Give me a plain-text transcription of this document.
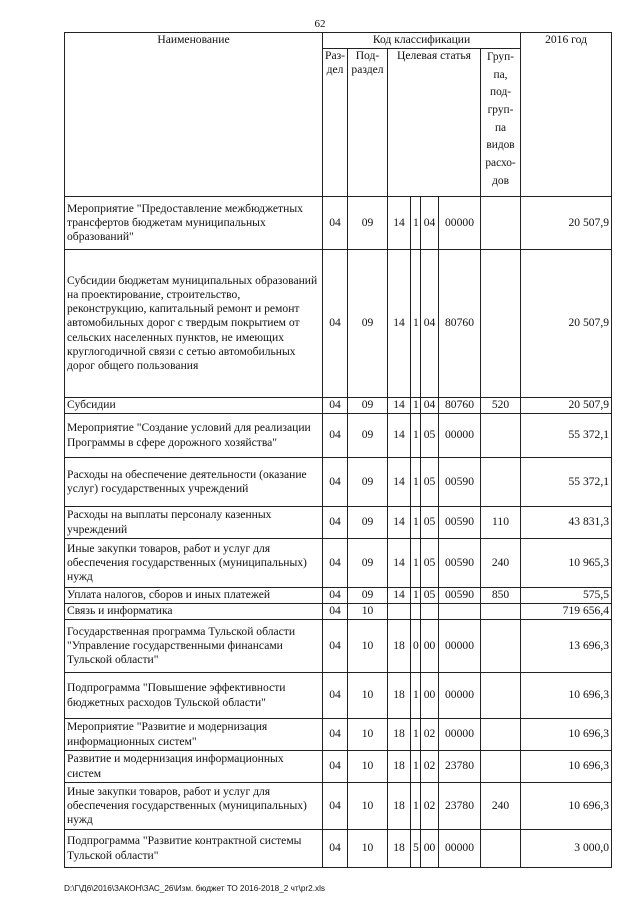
62
Наименование	Код классификации							2016 год
	Раз-дел	Под-раздел	Целевая статья				Груп-па, под-груп-па видов расхо-дов	
Мероприятие "Предоставление межбюджетных трансфертов бюджетам муниципальных образований"	04	09	14	1	04	00000		20 507,9
Субсидии бюджетам муниципальных образований на проектирование, строительство, реконструкцию, капитальный ремонт и ремонт автомобильных дорог с твердым покрытием от сельских населенных пунктов, не имеющих круглогодичной связи с сетью автомобильных дорог общего пользования	04	09	14	1	04	80760		20 507,9
Субсидии	04	09	14	1	04	80760	520	20 507,9
Мероприятие "Создание условий для реализации Программы в сфере дорожного хозяйства"	04	09	14	1	05	00000		55 372,1
Расходы на обеспечение деятельности (оказание услуг) государственных учреждений	04	09	14	1	05	00590		55 372,1
Расходы на выплаты персоналу казенных учреждений	04	09	14	1	05	00590	110	43 831,3
Иные закупки товаров, работ и услуг для обеспечения государственных (муниципальных) нужд	04	09	14	1	05	00590	240	10 965,3
Уплата налогов, сборов и иных платежей	04	09	14	1	05	00590	850	575,5
Связь и информатика	04	10						719 656,4
Государственная программа Тульской области "Управление государственными финансами Тульской области"	04	10	18	0	00	00000		13 696,3
Подпрограмма "Повышение эффективности бюджетных расходов Тульской области"	04	10	18	1	00	00000		10 696,3
Мероприятие "Развитие и модернизация информационных систем"	04	10	18	1	02	00000		10 696,3
Развитие и модернизация информационных систем	04	10	18	1	02	23780		10 696,3
Иные закупки товаров, работ и услуг для обеспечения государственных (муниципальных) нужд	04	10	18	1	02	23780	240	10 696,3
Подпрограмма "Развитие контрактной системы Тульской области"	04	10	18	5	00	00000		3 000,0
D:\Г\Д6\2016\ЗАКОН\ЗАС_26\Изм. бюджет ТО 2016-2018_2 чт\pr2.xls
